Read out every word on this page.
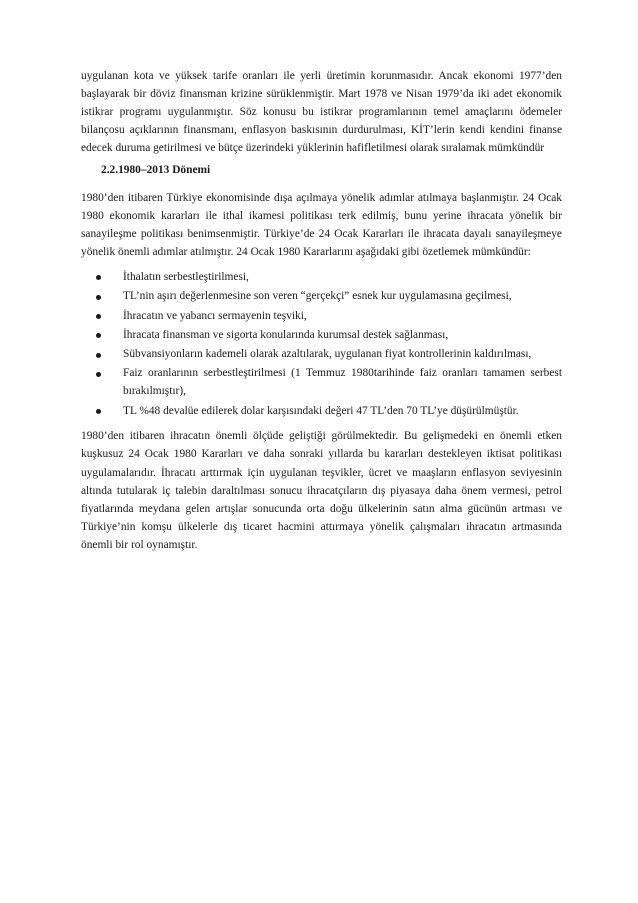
uygulanan kota ve yüksek tarife oranları ile yerli üretimin korunmasıdır. Ancak ekonomi 1977’den başlayarak bir döviz finansman krizine sürüklenmiştir. Mart 1978 ve Nisan 1979’da iki adet ekonomik istikrar programı uygulanmıştır. Söz konusu bu istikrar programlarının temel amaçlarını ödemeler bilançosu açıklarının finansmanı, enflasyon baskısının durdurulması, KİT’lerin kendi kendini finanse edecek duruma getirilmesi ve bütçe üzerindeki yüklerinin hafifletilmesi olarak sıralamak mümkündür

2.2.1980–2013 Dönemi

1980’den itibaren Türkiye ekonomisinde dışa açılmaya yönelik adımlar atılmaya başlanmıştır. 24 Ocak 1980 ekonomik kararları ile ithal ikamesi politikası terk edilmiş, bunu yerine ihracata yönelik bir sanayileşme politikası benimsenmiştir. Türkiye’de 24 Ocak Kararları ile ihracata dayalı sanayileşmeye yönelik önemli adımlar atılmıştır. 24 Ocak 1980 Kararlarını aşağıdaki gibi özetlemek mümkündür:

İthalatın serbestleştirilmesi,
TL’nin aşırı değerlenmesine son veren “gerçekçi” esnek kur uygulamasına geçilmesi,
İhracatın ve yabancı sermayenin teşviki,
İhracata finansman ve sigorta konularında kurumsal destek sağlanması,
Sübvansiyonların kademeli olarak azaltılarak, uygulanan fiyat kontrollerinin kaldırılması,
Faiz oranlarının serbestleştirilmesi (1 Temmuz 1980tarihinde faiz oranları tamamen serbest bırakılmıştır),
TL %48 devalüe edilerek dolar karşısındaki değeri 47 TL’den 70 TL’ye düşürülmüştür.

1980’den itibaren ihracatın önemli ölçüde geliştiği görülmektedir. Bu gelişmedeki en önemli etken kuşkusuz 24 Ocak 1980 Kararları ve daha sonraki yıllarda bu kararları destekleyen iktisat politikası uygulamalarıdır. İhracatı arttırmak için uygulanan teşvikler, ücret ve maaşların enflasyon seviyesinin altında tutularak iç talebin daraltılması sonucu ihracatçıların dış piyasaya daha önem vermesi, petrol fiyatlarında meydana gelen artışlar sonucunda orta doğu ülkelerinin satın alma gücünün artması ve Türkiye’nin komşu ülkelerle dış ticaret hacmini attırmaya yönelik çalışmaları ihracatın artmasında önemli bir rol oynamıştır.
